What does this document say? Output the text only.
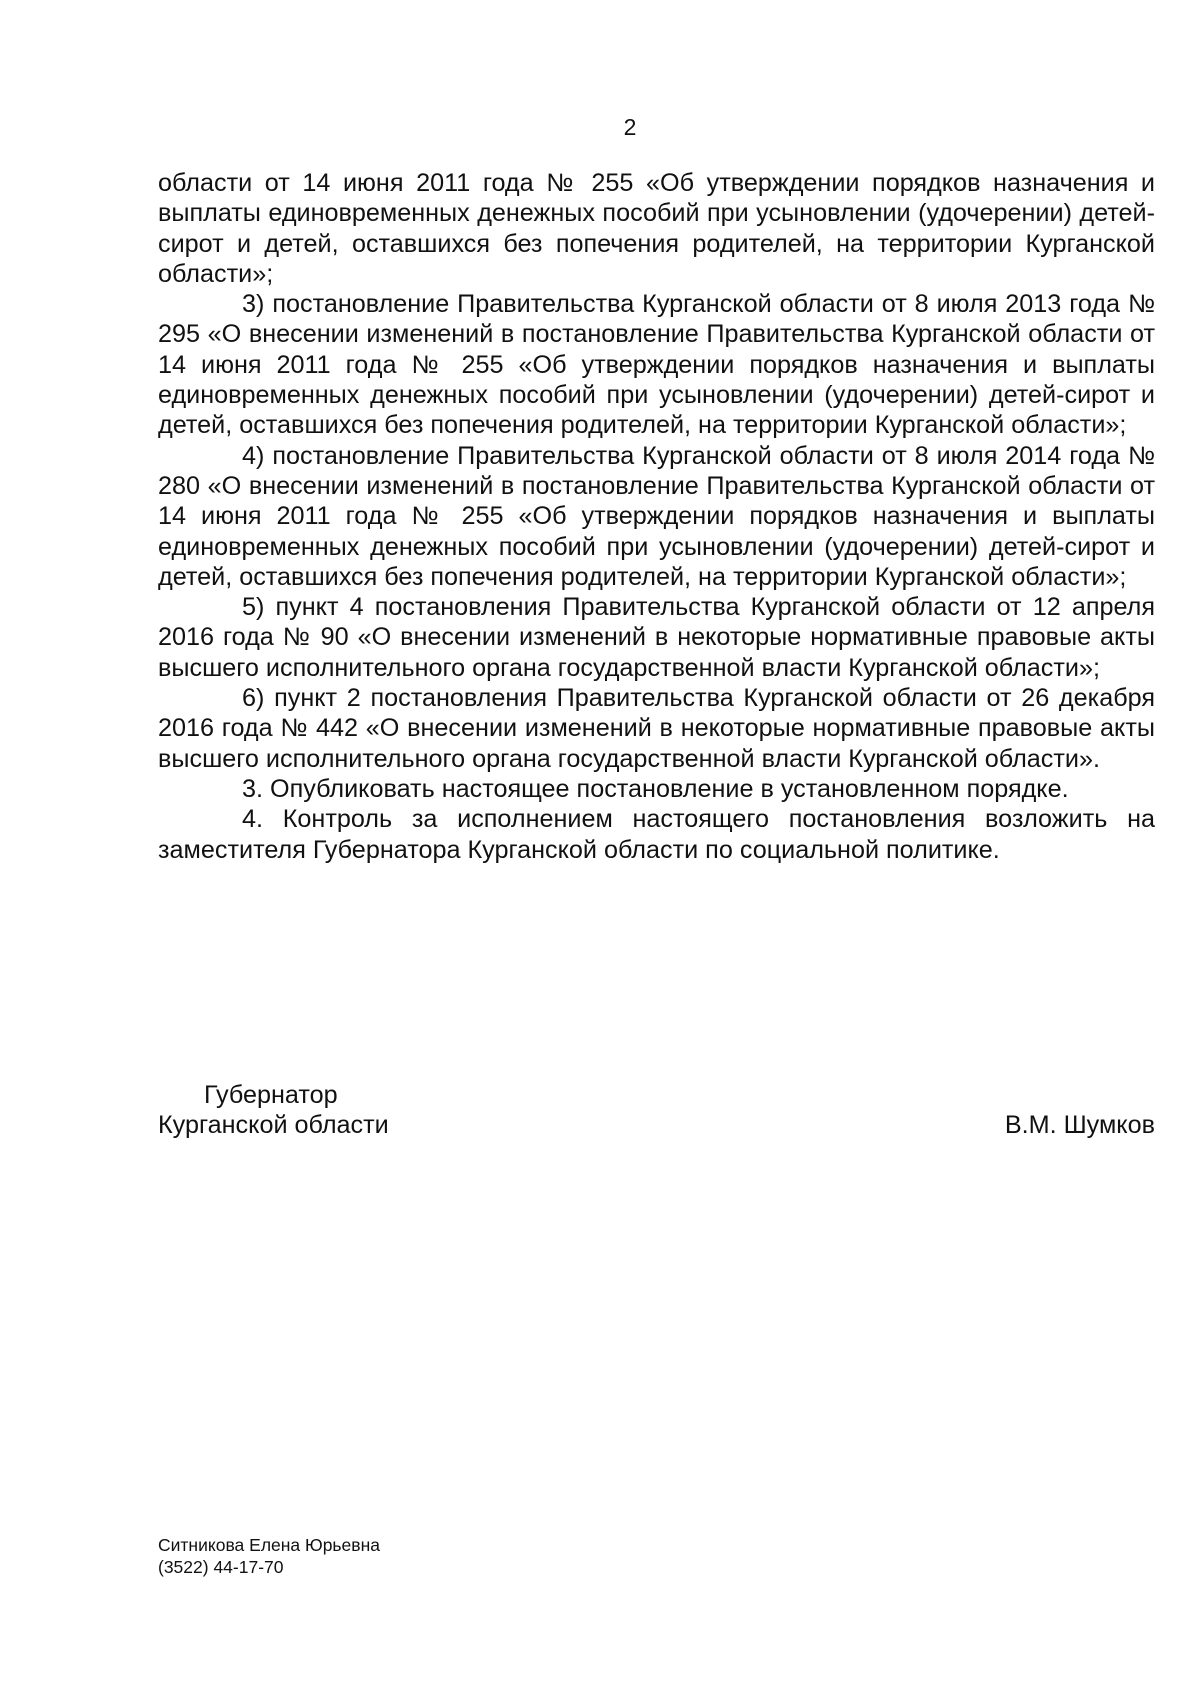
2

области от 14 июня 2011 года № 255 «Об утверждении порядков назначения и выплаты единовременных денежных пособий при усыновлении (удочерении) детей-сирот и детей, оставшихся без попечения родителей, на территории Курганской области»;

3) постановление Правительства Курганской области от 8 июля 2013 года № 295 «О внесении изменений в постановление Правительства Курганской области от 14 июня 2011 года № 255 «Об утверждении порядков назначения и выплаты единовременных денежных пособий при усыновлении (удочерении) детей-сирот и детей, оставшихся без попечения родителей, на территории Курганской области»;

4) постановление Правительства Курганской области от 8 июля 2014 года № 280 «О внесении изменений в постановление Правительства Курганской области от 14 июня 2011 года № 255 «Об утверждении порядков назначения и выплаты единовременных денежных пособий при усыновлении (удочерении) детей-сирот и детей, оставшихся без попечения родителей, на территории Курганской области»;

5) пункт 4 постановления Правительства Курганской области от 12 апреля 2016 года № 90 «О внесении изменений в некоторые нормативные правовые акты высшего исполнительного органа государственной власти Курганской области»;

6) пункт 2 постановления Правительства Курганской области от 26 декабря 2016 года № 442 «О внесении изменений в некоторые нормативные правовые акты высшего исполнительного органа государственной власти Курганской области».

3. Опубликовать настоящее постановление в установленном порядке.

4. Контроль за исполнением настоящего постановления возложить на заместителя Губернатора Курганской области по социальной политике.

Губернатор
Курганской области	В.М. Шумков
Ситникова Елена Юрьевна
(3522) 44-17-70
